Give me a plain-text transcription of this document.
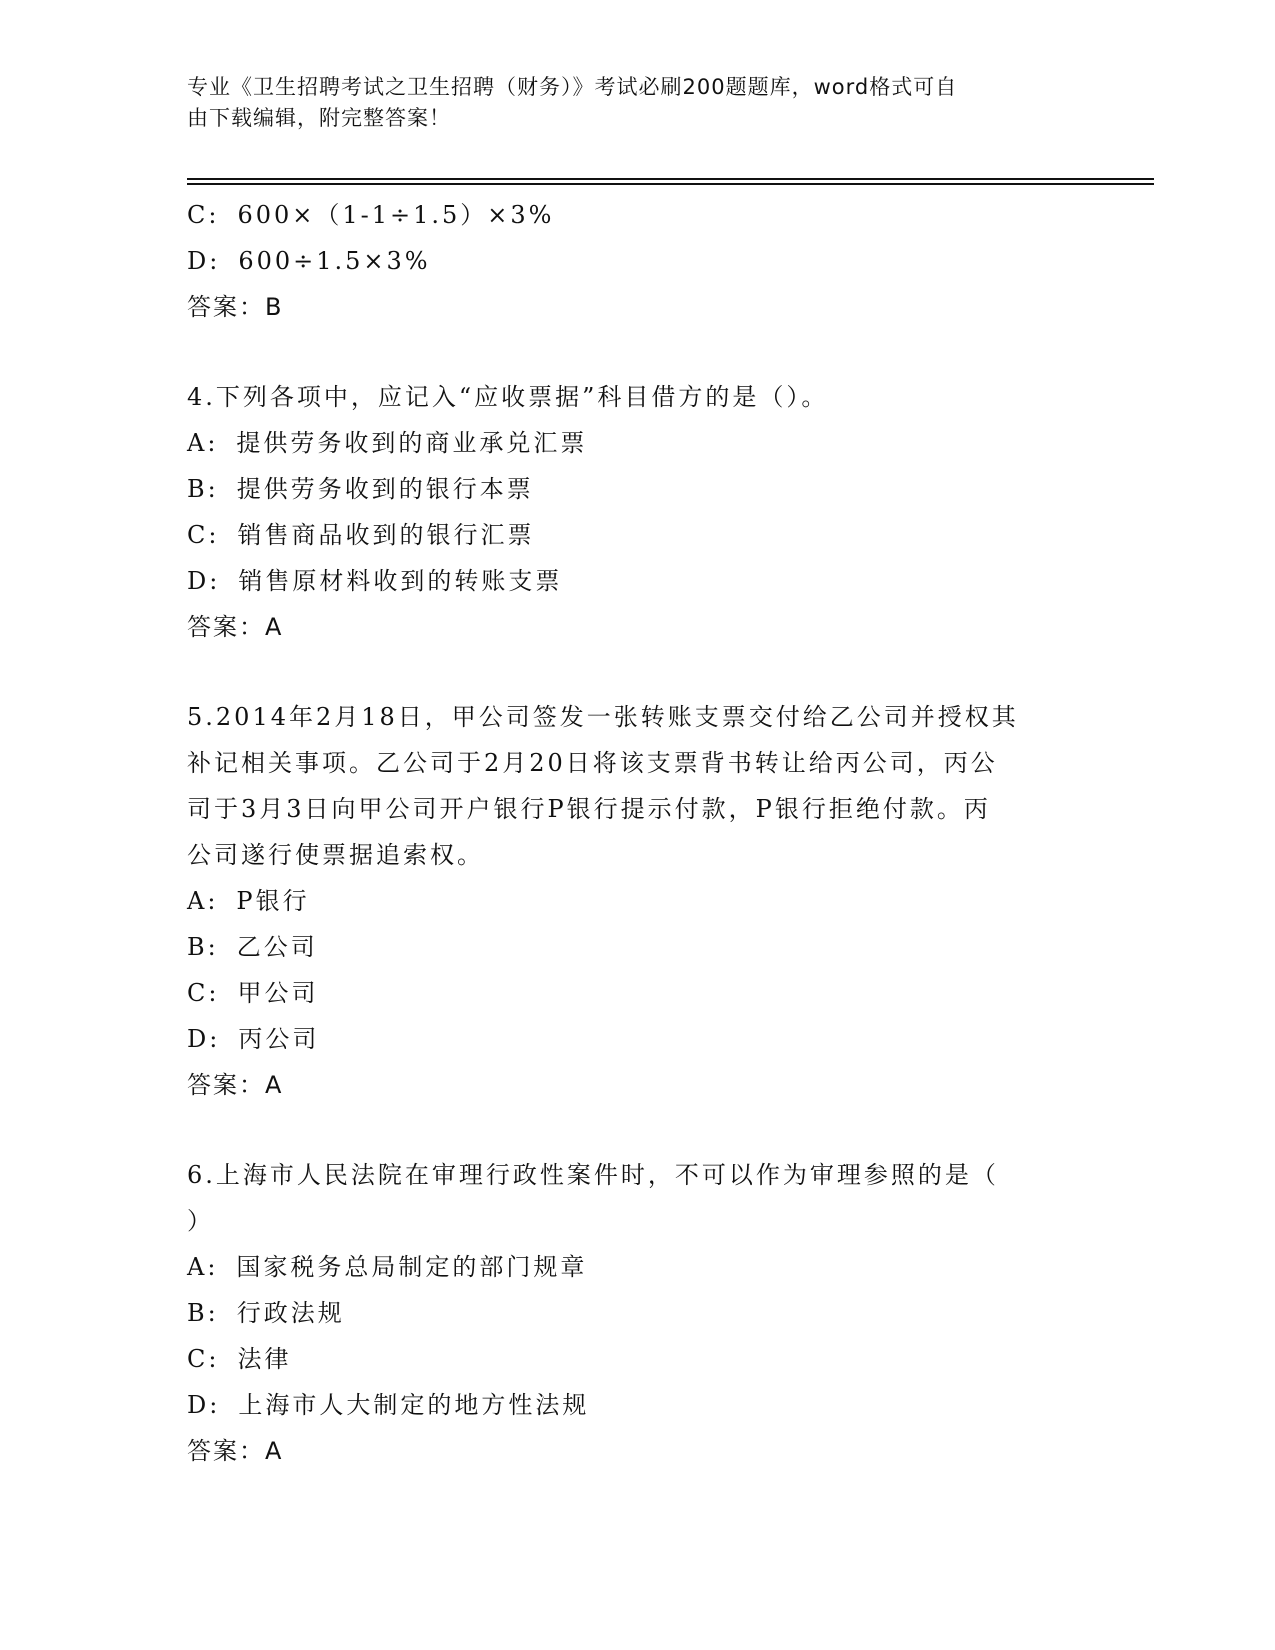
专业《卫生招聘考试之卫生招聘（财务）》考试必刷200题题库，word格式可自
由下载编辑，附完整答案！
C: 600×（1-1÷1.5）×3%
D: 600÷1.5×3%
答案：B
4.下列各项中，应记入“应收票据”科目借方的是（）。
A: 提供劳务收到的商业承兑汇票
B: 提供劳务收到的银行本票
C: 销售商品收到的银行汇票
D: 销售原材料收到的转账支票
答案：A
5.2014年2月18日，甲公司签发一张转账支票交付给乙公司并授权其
补记相关事项。乙公司于2月20日将该支票背书转让给丙公司，丙公
司于3月3日向甲公司开户银行P银行提示付款，P银行拒绝付款。丙
公司遂行使票据追索权。
A: P银行
B: 乙公司
C: 甲公司
D: 丙公司
答案：A
6.上海市人民法院在审理行政性案件时，不可以作为审理参照的是（
）
A: 国家税务总局制定的部门规章
B: 行政法规
C: 法律
D: 上海市人大制定的地方性法规
答案：A
